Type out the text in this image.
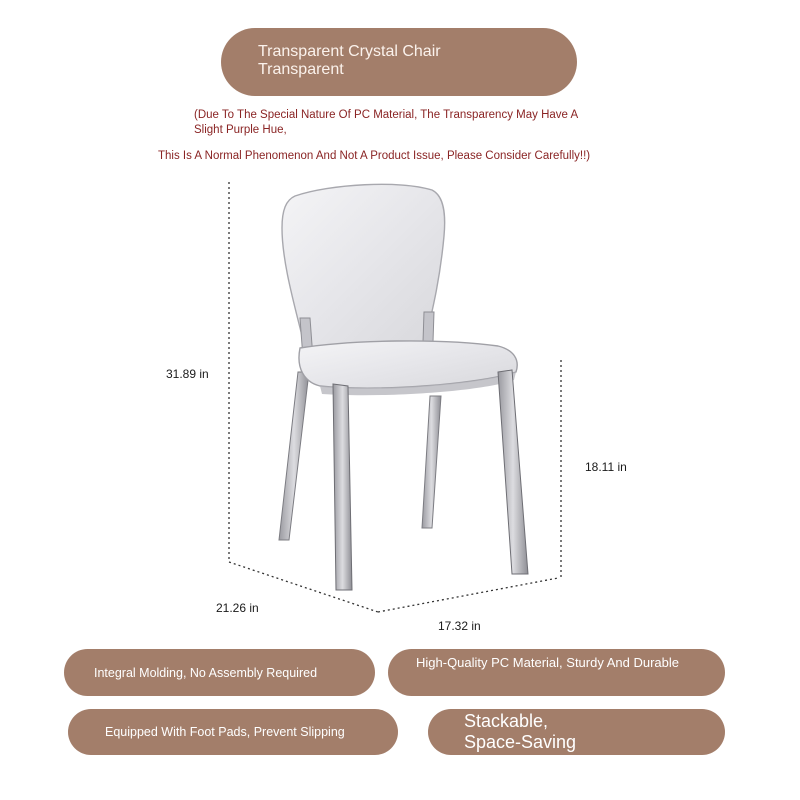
Transparent Crystal Chair
Transparent
(Due To The Special Nature Of PC Material, The Transparency May Have A
Slight Purple Hue,
This Is A Normal Phenomenon And Not A Product Issue, Please Consider Carefully!!)
31.89 in
18.11 in
21.26 in
17.32 in
Integral Molding, No Assembly Required
High-Quality PC Material, Sturdy And Durable
Equipped With Foot Pads, Prevent Slipping
Stackable,
Space-Saving
